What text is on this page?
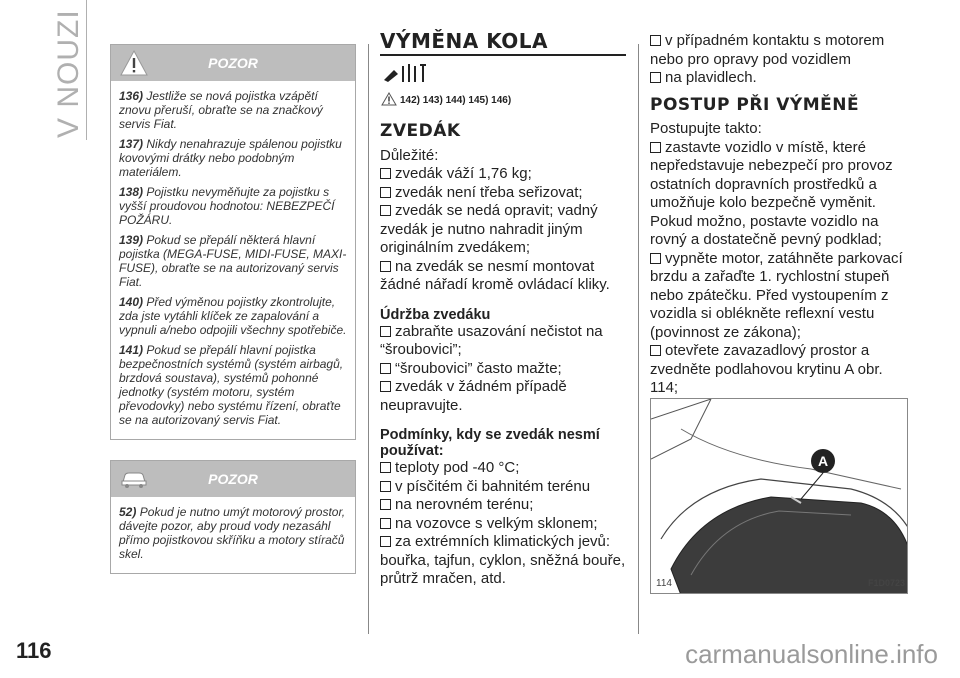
V NOUZI	POZOR

136) Jestliže se nová pojistka vzápětí znovu přeruší, obraťte se na značkový servis Fiat.

137) Nikdy nenahrazuje spálenou pojistku kovovými drátky nebo podobným materiálem.

138) Pojistku nevyměňujte za pojistku s vyšší proudovou hodnotou: NEBEZPEČÍ POŽÁRU.

139) Pokud se přepálí některá hlavní pojistka (MEGA-FUSE, MIDI-FUSE, MAXI-FUSE), obraťte se na autorizovaný servis Fiat.

140) Před výměnou pojistky zkontrolujte, zda jste vytáhli klíček ze zapalování a vypnuli a/nebo odpojili všechny spotřebiče.

141) Pokud se přepálí hlavní pojistka bezpečnostních systémů (systém airbagů, brzdová soustava), systémů pohonné jednotky (systém motoru, systém převodovky) nebo systému řízení, obraťte se na autorizovaný servis Fiat.

POZOR

52) Pokud je nutno umýt motorový prostor, dávejte pozor, aby proud vody nezasáhl přímo pojistkovou skříňku a motory stíračů skel.

VÝMĚNA KOLA
142) 143) 144) 145) 146)
ZVEDÁK
Důležité:
zvedák váží 1,76 kg;
zvedák není třeba seřizovat;
zvedák se nedá opravit; vadný zvedák je nutno nahradit jiným originálním zvedákem;
na zvedák se nesmí montovat žádné nářadí kromě ovládací kliky.
Údržba zvedáku
zabraňte usazování nečistot na “šroubovici”;
“šroubovici” často mažte;
zvedák v žádném případě neupravujte.
Podmínky, kdy se zvedák nesmí používat:
teploty pod -40 °C;
v písčitém či bahnitém terénu
na nerovném terénu;
na vozovce s velkým sklonem;
za extrémních klimatických jevů: bouřka, tajfun, cyklon, sněžná bouře, průtrž mračen, atd.
v případném kontaktu s motorem nebo pro opravy pod vozidlem
na plavidlech.
POSTUP PŘI VÝMĚNĚ
Postupujte takto:
zastavte vozidlo v místě, které nepředstavuje nebezpečí pro provoz ostatních dopravních prostředků a umožňuje kolo bezpečně vyměnit. Pokud možno, postavte vozidlo na rovný a dostatečně pevný podklad;
vypněte motor, zatáhněte parkovací brzdu a zařaďte 1. rychlostní stupeň nebo zpátečku. Před vystoupením z vozidla si oblékněte reflexní vestu (povinnost ze zákona);
otevřete zavazadlový prostor a zvedněte podlahovou krytinu A obr. 114;
A
114	F1D0723
116	carmanualsonline.info
